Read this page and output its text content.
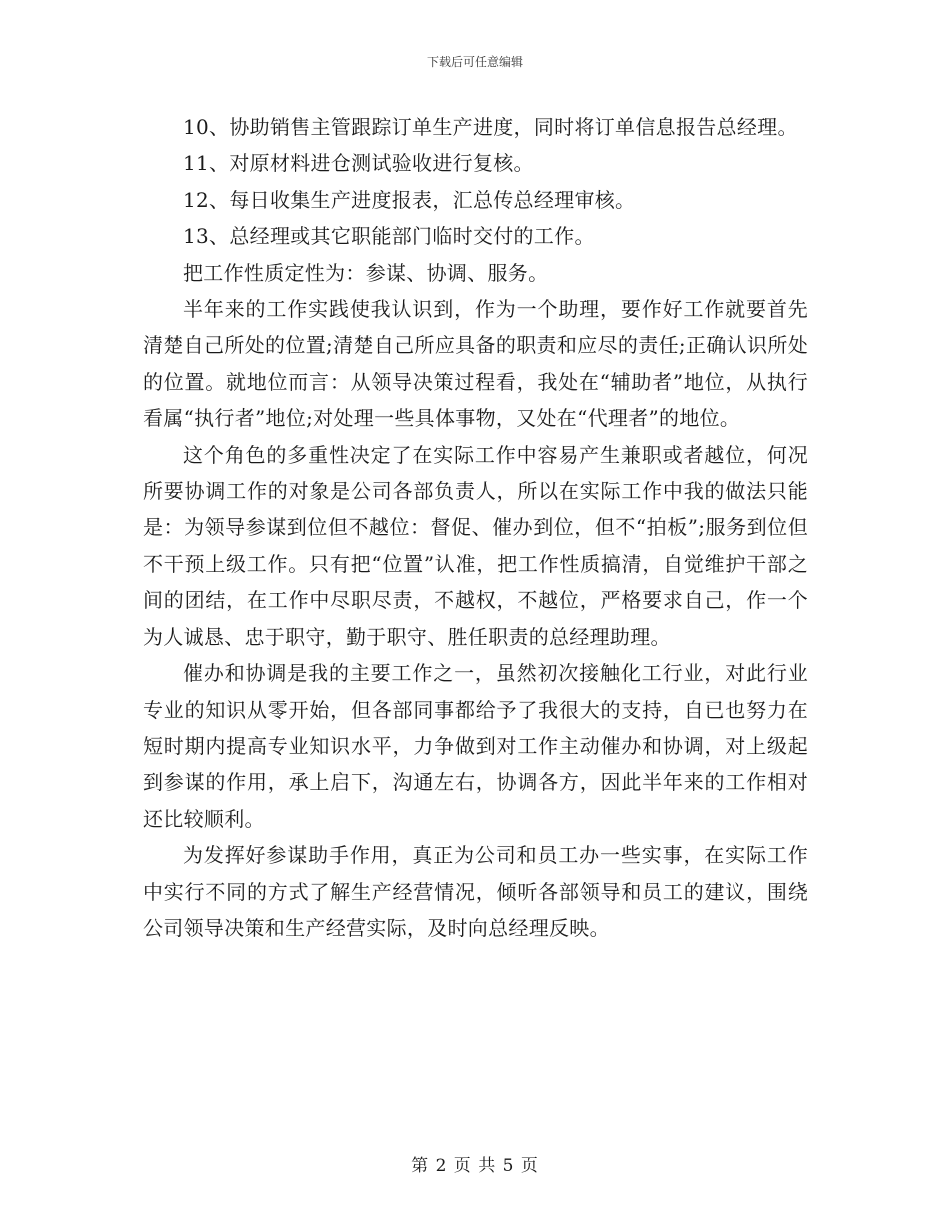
下载后可任意编辑

10、协助销售主管跟踪订单生产进度，同时将订单信息报告总经理。

11、对原材料进仓测试验收进行复核。

12、每日收集生产进度报表，汇总传总经理审核。

13、总经理或其它职能部门临时交付的工作。

把工作性质定性为：参谋、协调、服务。

半年来的工作实践使我认识到，作为一个助理，要作好工作就要首先清楚自己所处的位置;清楚自己所应具备的职责和应尽的责任;正确认识所处的位置。就地位而言：从领导决策过程看，我处在“辅助者”地位，从执行看属“执行者”地位;对处理一些具体事物，又处在“代理者”的地位。

这个角色的多重性决定了在实际工作中容易产生兼职或者越位，何况所要协调工作的对象是公司各部负责人，所以在实际工作中我的做法只能是：为领导参谋到位但不越位：督促、催办到位，但不“拍板”;服务到位但不干预上级工作。只有把“位置”认准，把工作性质搞清，自觉维护干部之间的团结，在工作中尽职尽责，不越权，不越位，严格要求自己，作一个为人诚恳、忠于职守，勤于职守、胜任职责的总经理助理。

催办和协调是我的主要工作之一，虽然初次接触化工行业，对此行业专业的知识从零开始，但各部同事都给予了我很大的支持，自已也努力在短时期内提高专业知识水平，力争做到对工作主动催办和协调，对上级起到参谋的作用，承上启下，沟通左右，协调各方，因此半年来的工作相对还比较顺利。

为发挥好参谋助手作用，真正为公司和员工办一些实事，在实际工作中实行不同的方式了解生产经营情况，倾听各部领导和员工的建议，围绕公司领导决策和生产经营实际，及时向总经理反映。

第 2 页 共 5 页
